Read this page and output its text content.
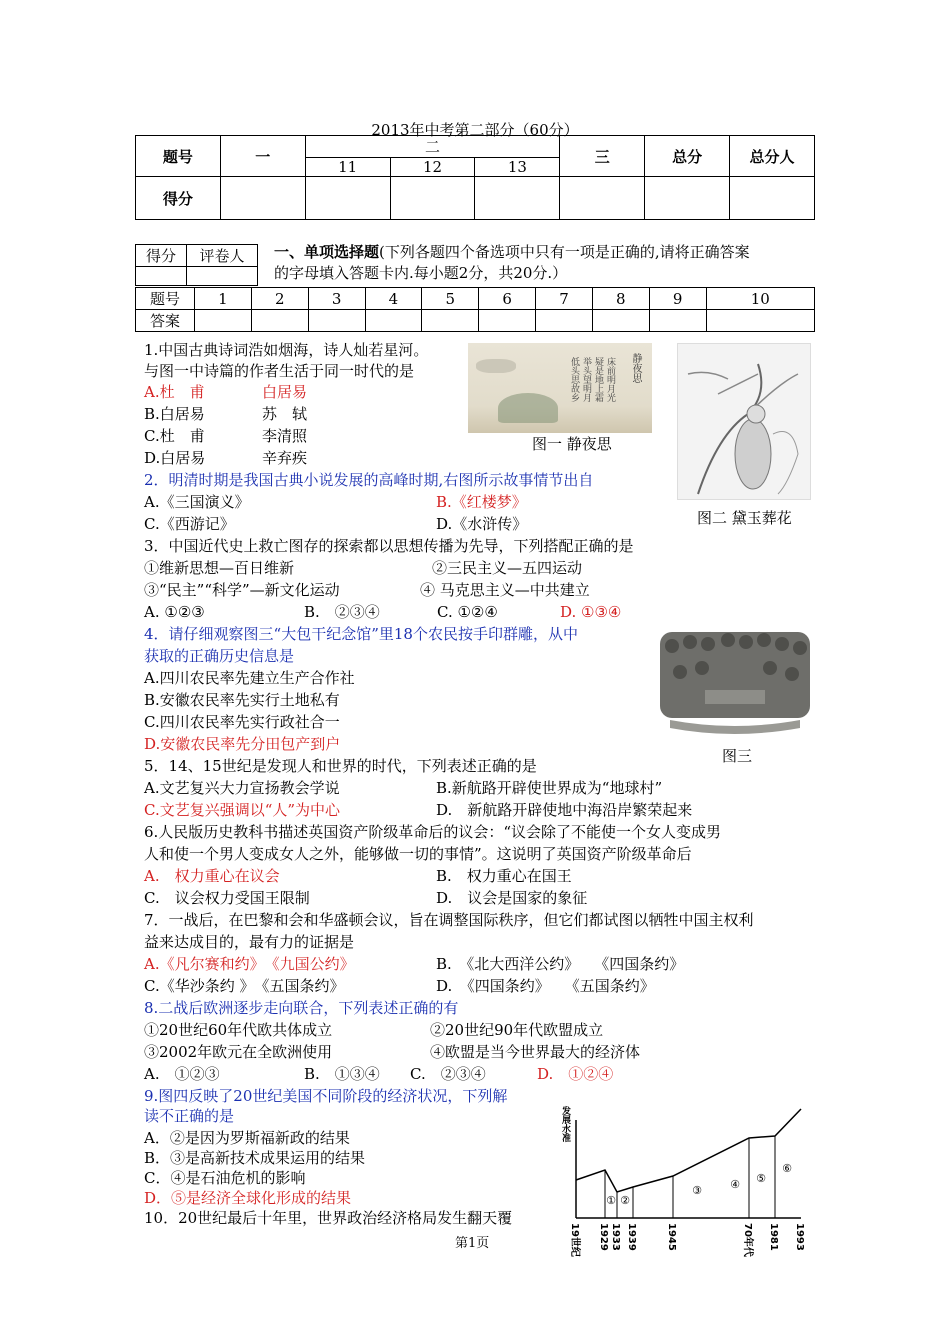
2013年中考第二部分（60分）
题号	一	二			三	总分	总分人
		11	12	13			
得分							
得分	评卷人
	一、单项选择题(下列各题四个备选项中只有一项是正确的,请将正确答案
的字母填入答题卡内.每小题2分，共20分.）
题号	1	2	3	4	5	6	7	8	9	10
答案										
静夜思
床前明月光
疑是地上霜
举头望明月
低头思故乡
图一 静夜思
图二 黛玉葬花
1.中国古典诗词浩如烟海，诗人灿若星河。
与图一中诗篇的作者生活于同一时代的是
A.杜　甫	白居易
B.白居易	苏　轼
C.杜　甫	李清照
D.白居易	辛弃疾
2．明清时期是我国古典小说发展的高峰时期,右图所示故事情节出自
A.《三国演义》	B.《红楼梦》
C.《西游记》	D.《水浒传》
3．中国近代史上救亡图存的探索都以思想传播为先导，下列搭配正确的是
①维新思想—百日维新	②三民主义—五四运动
③“民主”“科学”—新文化运动	④ 马克思主义—中共建立
A. ①②③	B.　②③④	C. ①②④	D. ①③④
4．请仔细观察图三“大包干纪念馆”里18个农民按手印群雕，从中
获取的正确历史信息是
A.四川农民率先建立生产合作社
B.安徽农民率先实行土地私有
C.四川农民率先实行政社合一
D.安徽农民率先分田包产到户
图三
5．14、15世纪是发现人和世界的时代，下列表述正确的是
A.文艺复兴大力宣扬教会学说	B.新航路开辟使世界成为“地球村”
C.文艺复兴强调以“人”为中心	D.　新航路开辟使地中海沿岸繁荣起来
6.人民版历史教科书描述英国资产阶级革命后的议会：“议会除了不能使一个女人变成男
人和使一个男人变成女人之外，能够做一切的事情”。这说明了英国资产阶级革命后
A.　权力重心在议会	B.　权力重心在国王
C.　议会权力受国王限制	D.　议会是国家的象征
7．一战后，在巴黎和会和华盛顿会议，旨在调整国际秩序，但它们都试图以牺牲中国主权利
益来达成目的，最有力的证据是
A.《凡尔赛和约》　《九国公约》	B.　《北大西洋公约》　　《四国条约》
C.《华沙条约 》　《五国条约》	D.　《四国条约》　　《五国条约》
8.二战后欧洲逐步走向联合，下列表述正确的有
①20世纪60年代欧共体成立	②20世纪90年代欧盟成立
③2002年欧元在全欧洲使用	④欧盟是当今世界最大的经济体
A.　①②③	B.　①③④ C.　②③④	D.　①②④
9.图四反映了20世纪美国不同阶段的经济状况，下列解
读不正确的是
A．②是因为罗斯福新政的结果
B．③是高新技术成果运用的结果
C．④是石油危机的影响
D．⑤是经济全球化形成的结果
10．20世纪最后十年里，世界政治经济格局发生翻天覆
发展水准
① ②
③	④ ⑤
⑥
19世纪 1929 1933 1939	1945	70年代 1981 1993
第1页
